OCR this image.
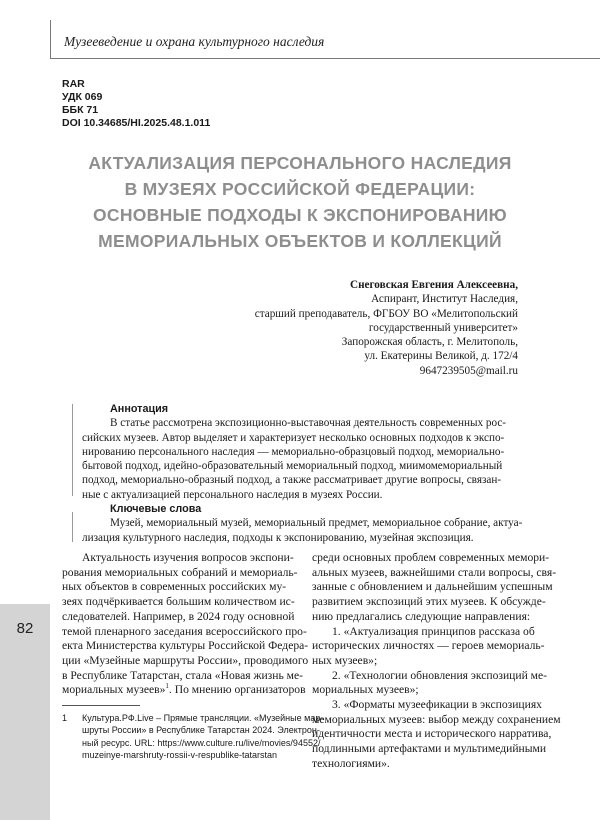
Музееведение и охрана культурного наследия
RAR
УДК 069
ББК 71
DOI 10.34685/HI.2025.48.1.011
АКТУАЛИЗАЦИЯ ПЕРСОНАЛЬНОГО НАСЛЕДИЯ
В МУЗЕЯХ РОССИЙСКОЙ ФЕДЕРАЦИИ:
ОСНОВНЫЕ ПОДХОДЫ К ЭКСПОНИРОВАНИЮ
МЕМОРИАЛЬНЫХ ОБЪЕКТОВ И КОЛЛЕКЦИЙ
Снеговская Евгения Алексеевна,
Аспирант, Институт Наследия,
старший преподаватель, ФГБОУ ВО «Мелитопольский
государственный университет»
Запорожская область, г. Мелитополь,
ул. Екатерины Великой, д. 172/4
9647239505@mail.ru
Аннотация
В статье рассмотрена экспозиционно-выставочная деятельность современных рос-
сийских музеев. Автор выделяет и характеризует несколько основных подходов к экспо-
нированию персонального наследия — мемориально-образцовый подход, мемориально-
бытовой подход, идейно-образовательный мемориальный подход, миимомемориальный
подход, мемориально-образный подход, а также рассматривает другие вопросы, связан-
ные с актуализацией персонального наследия в музеях России.
Ключевые слова
Музей, мемориальный музей, мемориальный предмет, мемориальное собрание, актуа-
лизация культурного наследия, подходы к экспонированию, музейная экспозиция.
Актуальность изучения вопросов экспони-
рования мемориальных собраний и мемориаль-
ных объектов в современных российских му-
зеях подчёркивается большим количеством ис-
следователей. Например, в 2024 году основной
темой пленарного заседания всероссийского про-
екта Министерства культуры Российской Федера-
ции «Музейные маршруты России», проводимого
в Республике Татарстан, стала «Новая жизнь ме-
мориальных музеев»$^1$. По мнению организаторов
среди основных проблем современных мемори-
альных музеев, важнейшими стали вопросы, свя-
занные с обновлением и дальнейшим успешным
развитием экспозиций этих музеев. К обсужде-
нию предлагались следующие направления:
1. «Актуализация принципов рассказа об
исторических личностях — героев мемориаль-
ных музеев»;
2. «Технологии обновления экспозиций ме-
мориальных музеев»;
3. «Форматы музеефикации в экспозициях
мемориальных музеев: выбор между сохранением
идентичности места и исторического нарратива,
подлинными артефактами и мультимедийными
технологиями».
1 Культура.РФ.Live – Прямые трансляции. «Музейные мар-
шруты России» в Республике Татарстан 2024. Электрон-
ный ресурс. URL: https://www.culture.ru/live/movies/94552/
muzeinye-marshruty-rossii-v-respublike-tatarstan
82
